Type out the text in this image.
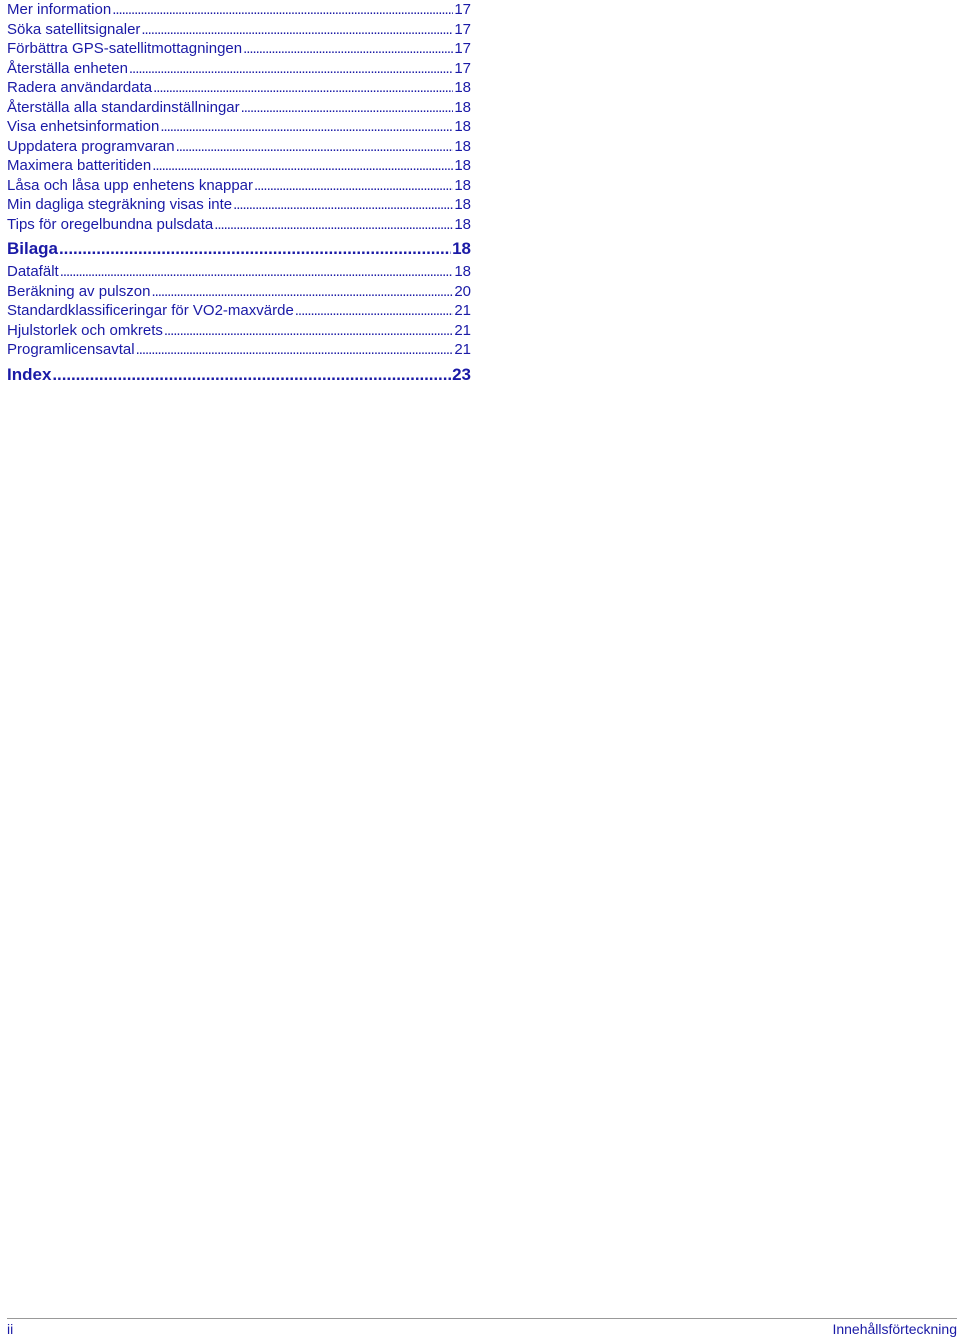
Mer information . . .	17
Söka satellitsignaler . . .	17
Förbättra GPS-satellitmottagningen . . .	17
Återställa enheten . . .	17
Radera användardata . . .	18
Återställa alla standardinställningar . . .	18
Visa enhetsinformation . . .	18
Uppdatera programvaran . . .	18
Maximera batteritiden . . .	18
Låsa och låsa upp enhetens knappar . . .	18
Min dagliga stegräkning visas inte . . .	18
Tips för oregelbundna pulsdata . . .	18
Bilaga . . .	18
Datafält . . .	18
Beräkning av pulszon . . .	20
Standardklassificeringar för VO2-maxvärde . . .	21
Hjulstorlek och omkrets . . .	21
Programlicensavtal . . .	21
Index . . .	23
ii	Innehållsförteckning
